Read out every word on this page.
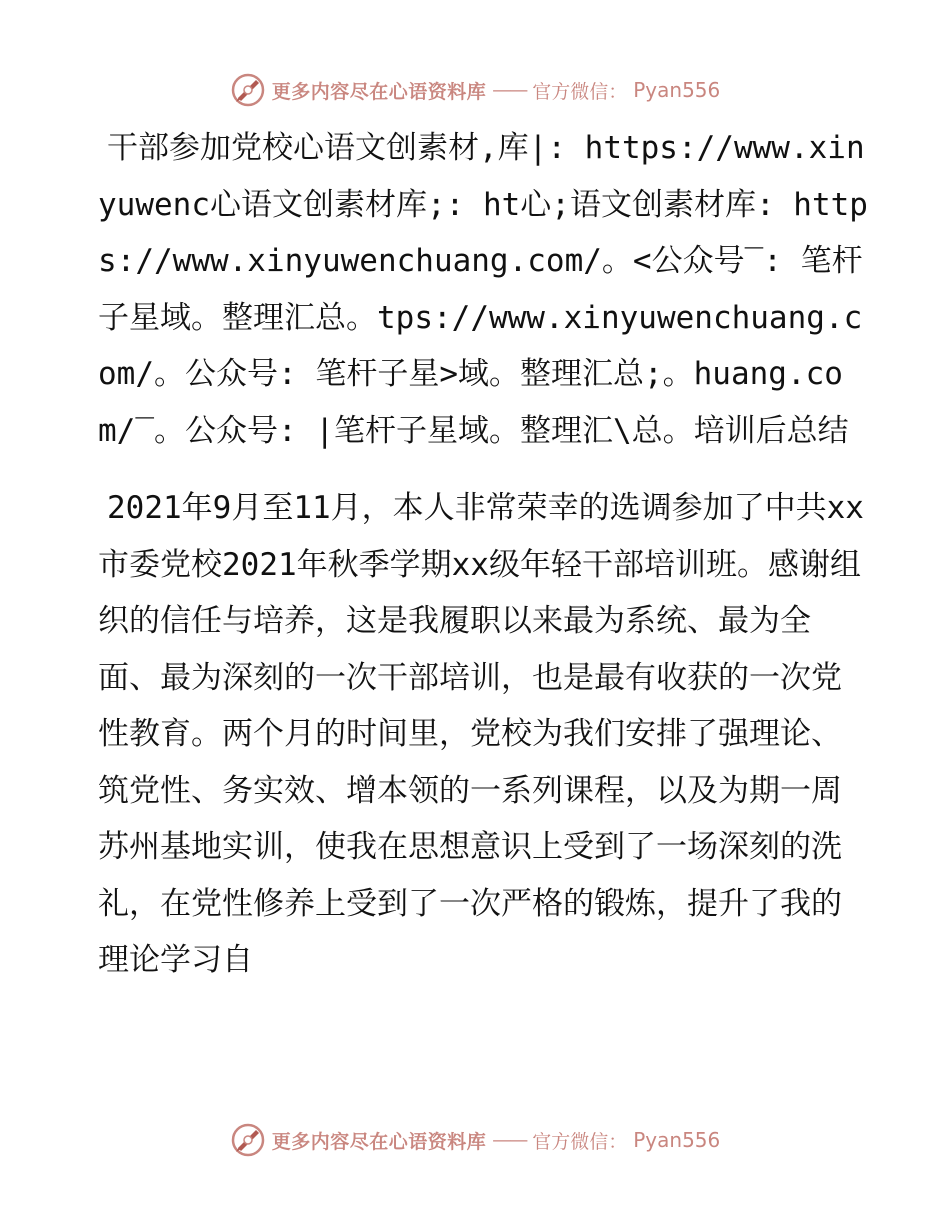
更多内容尽在心语资料库 —— 官方微信： Pyan556

干部参加党校心语文创素材,库|: https://www.xinyuwenc心语文创素材库;: ht心;语文创素材库: https://www.xinyuwenchuang.com/。<公众号‾: 笔杆子星域。整理汇总。tps://www.xinyuwenchuang.com/。公众号: 笔杆子星>域。整理汇总;。huang.com/‾。公众号: |笔杆子星域。整理汇\总。培训后总结

2021年9月至11月，本人非常荣幸的选调参加了中共xx市委党校2021年秋季学期xx级年轻干部培训班。感谢组织的信任与培养，这是我履职以来最为系统、最为全面、最为深刻的一次干部培训，也是最有收获的一次党性教育。两个月的时间里，党校为我们安排了强理论、筑党性、务实效、增本领的一系列课程，以及为期一周苏州基地实训，使我在思想意识上受到了一场深刻的洗礼，在党性修养上受到了一次严格的锻炼，提升了我的理论学习自

更多内容尽在心语资料库 —— 官方微信： Pyan556
